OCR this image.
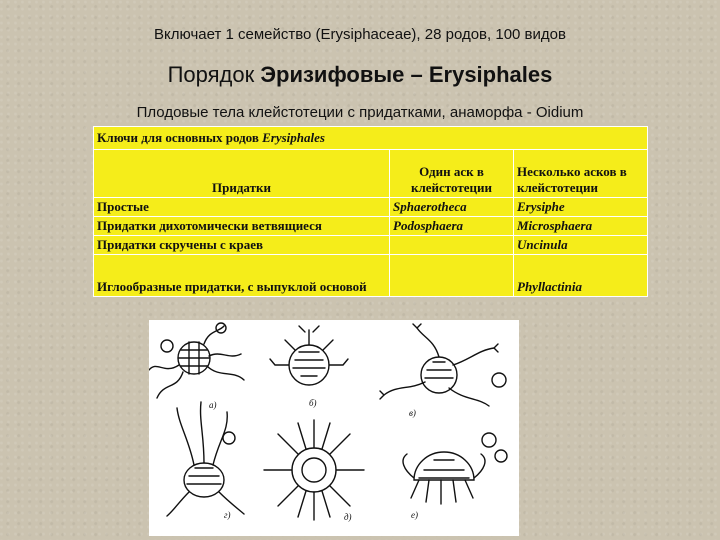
Включает 1 семейство (Erysiphaceae), 28 родов, 100 видов
Порядок Эризифовые – Erysiphales
Плодовые тела клейстотеции с придатками, анаморфа - Oidium
Ключи для основных родов Erysiphales		
Придатки	Один аск в клейстотеции	Несколько асков в клейстотеции
Простые	Sphaerotheca	Erysiphe
Придатки дихотомически ветвящиеся	Podosphaera	Microsphaera
Придатки скручены с краев		Uncinula
Иглообразные придатки, с выпуклой основой		Phyllactinia
а)	б)
в)
г)	д)	е)
